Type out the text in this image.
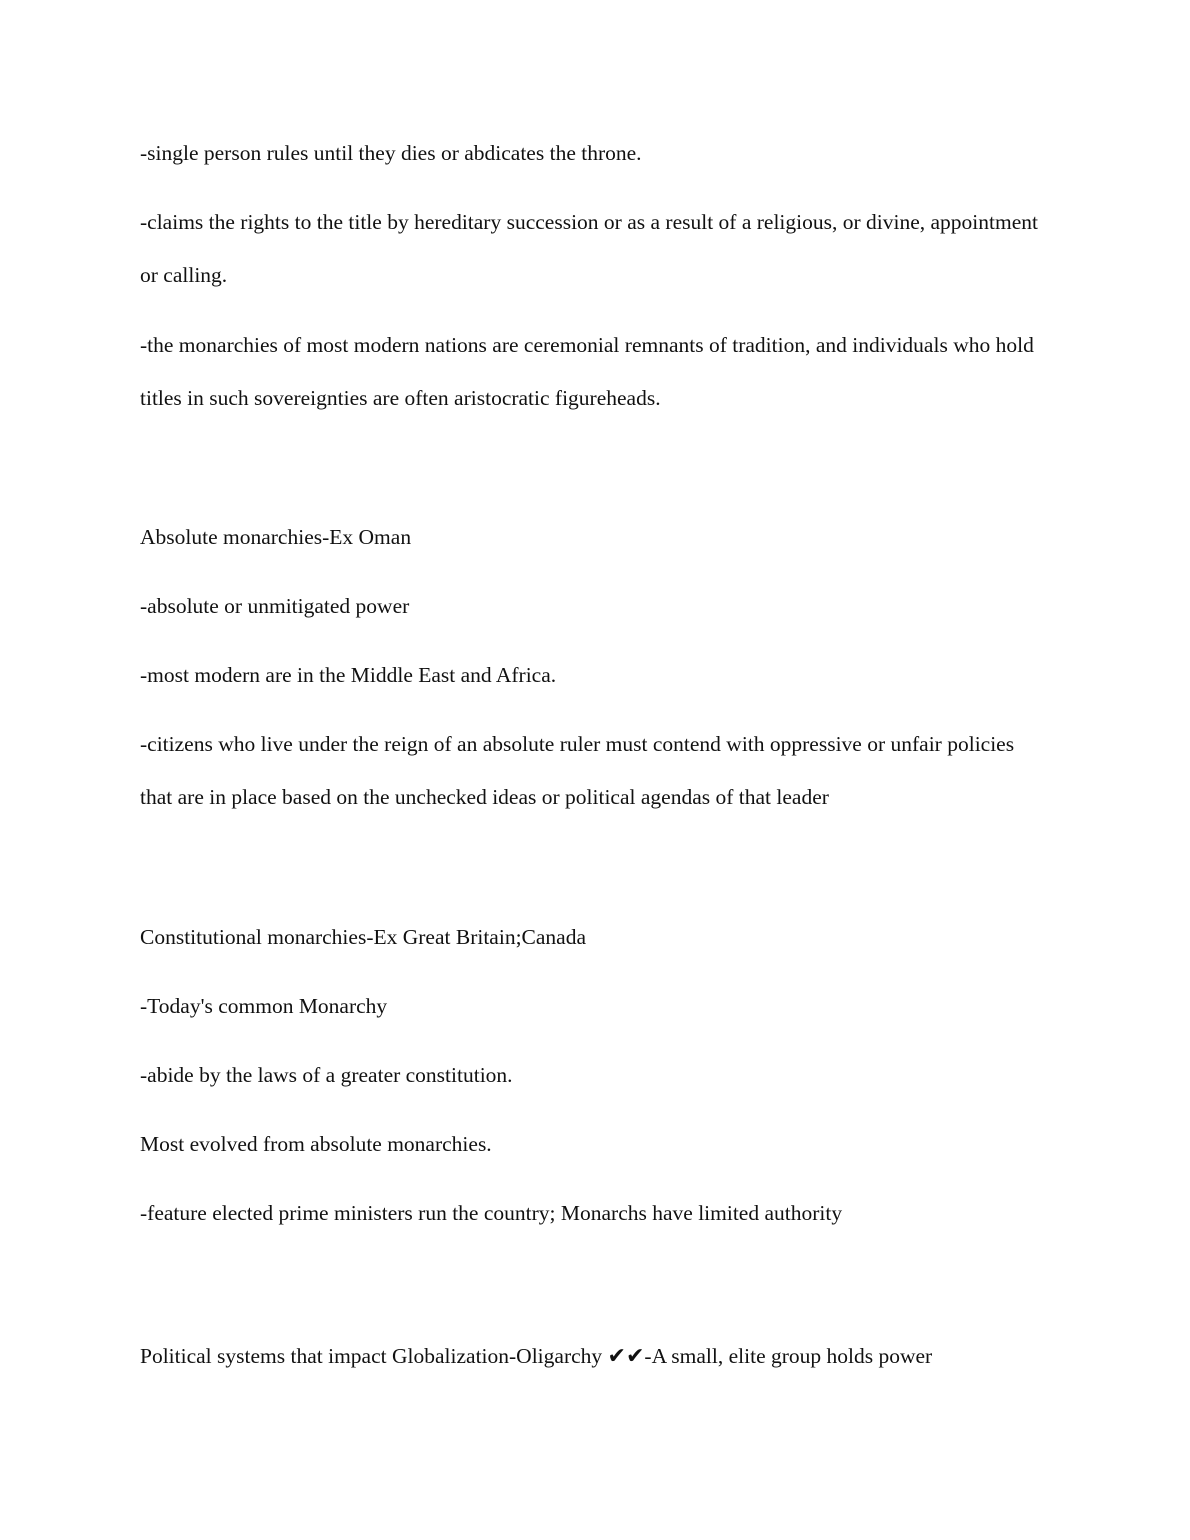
-single person rules until they dies or abdicates the throne.

-claims the rights to the title by hereditary succession or as a result of a religious, or divine, appointment or calling.

-the monarchies of most modern nations are ceremonial remnants of tradition, and individuals who hold titles in such sovereignties are often aristocratic figureheads.

Absolute monarchies-Ex Oman

-absolute or unmitigated power

-most modern are in the Middle East and Africa.

-citizens who live under the reign of an absolute ruler must contend with oppressive or unfair policies that are in place based on the unchecked ideas or political agendas of that leader

Constitutional monarchies-Ex Great Britain;Canada

-Today's common Monarchy

-abide by the laws of a greater constitution.

Most evolved from absolute monarchies.

-feature elected prime ministers run the country; Monarchs have limited authority

Political systems that impact Globalization-Oligarchy ✔✔-A small, elite group holds power
